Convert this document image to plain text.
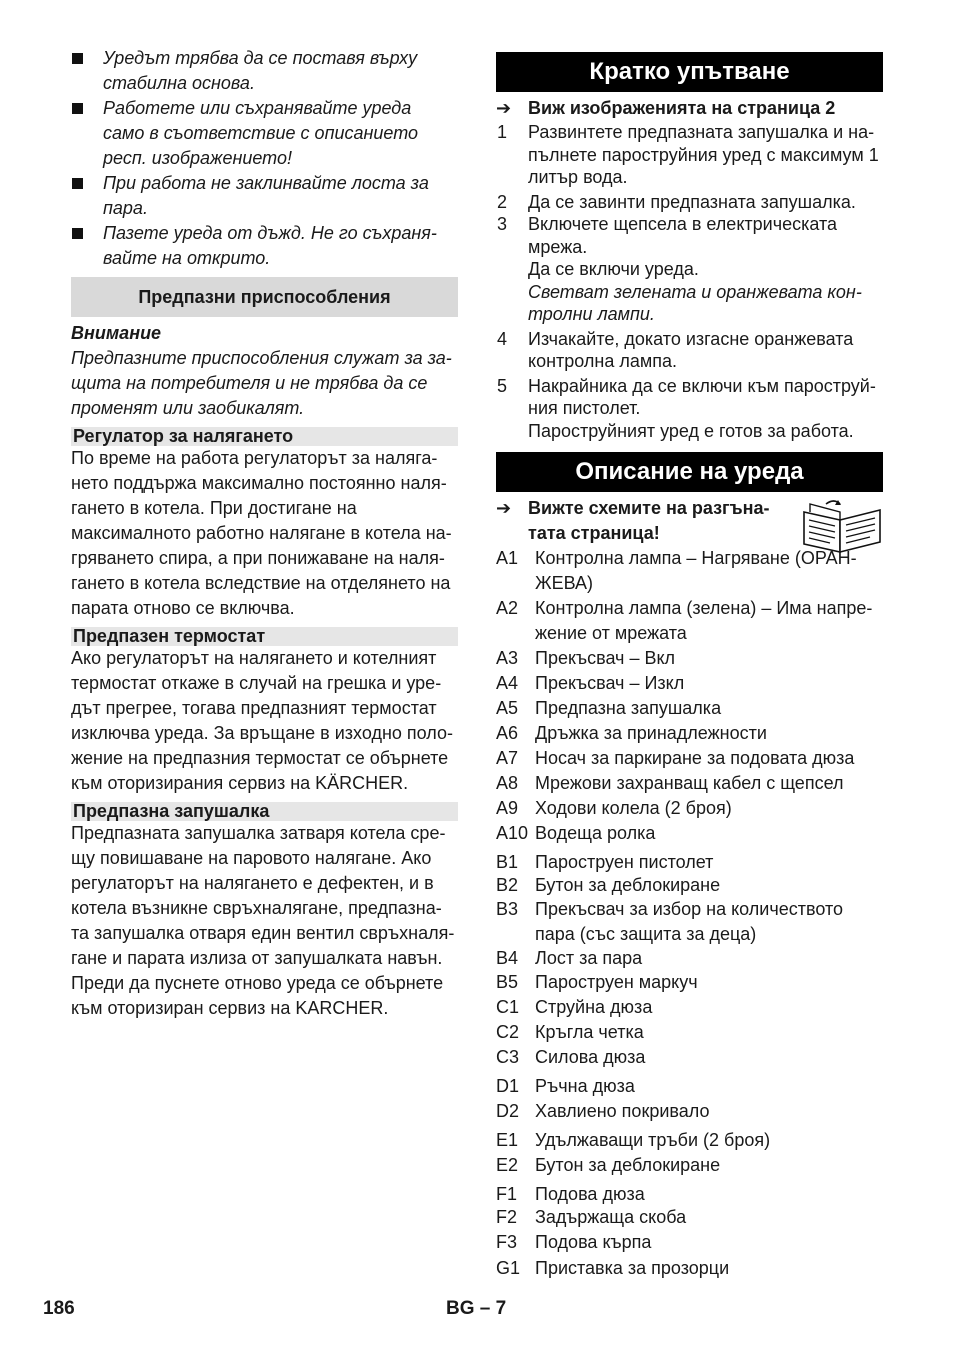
Уредът трябва да се поставя върху
стабилна основа.
Работете или съхранявайте уреда
само в съответствие с описанието
респ. изображението!
При работа не заклинвайте лоста за
пара.
Пазете уреда от дъжд. Не го съхраня-
вайте на открито.
Предпазни приспособления
Внимание

Предпазните приспособления служат за за-
щита на потребителя и не трябва да се
променят или заобикалят.

Регулатор за налягането

По време на работа регулаторът за наляга-
нето поддържа максимално постоянно наля-
гането в котела. При достигане на
максималното работно налягане в котела на-
гряването спира, а при понижаване на наля-
гането в котела вследствие на отделянето на
парата отново се включва.

Предпазен термостат

Ако регулаторът на налягането и котелният
термостат откаже в случай на грешка и уре-
дът прегрее, тогава предпазният термостат
изключва уреда. За връщане в изходно поло-
жение на предпазния термостат се обърнете
към оторизирания сервиз на KÄRCHER.

Предпазна запушалка

Предпазната запушалка затваря котела сре-
щу повишаване на паровото налягане. Ако
регулаторът на налягането е дефектен, и в
котела възникне свръхналягане, предпазна-
та запушалка отваря един вентил свръхналя-
гане и парата излиза от запушалката навън.
Преди да пуснете отново уреда се обърнете
към оторизиран сервиз на KARCHER.

Кратко упътване
➔ Виж изображенията на страница 2
1 Развинтете предпазната запушалка и на-
пълнете пароструйния уред с максимум 1
литър вода.
2 Да се завинти предпазната запушалка.
3 Включете щепсела в електрическата
мрежа.
Да се включи уреда.
Светват зелената и оранжевата кон-
тролни лампи.
4 Изчакайте, докато изгасне оранжевата
контролна лампа.
5 Накрайника да се включи към пароструй-
ния пистолет.
Пароструйният уред е готов за работа.
Описание на уреда
➔ Вижте схемите на разгъна-
тата страница!
A1 Контролна лампа – Нагряване (ОРАН-
ЖЕВА)
A2 Контролна лампа (зелена) – Има напре-
жение от мрежата
A3 Прекъсвач – Вкл
A4 Прекъсвач – Изкл
A5 Предпазна запушалка
A6 Дръжка за принадлежности
A7 Носач за паркиране за подовата дюза
A8 Мрежови захранващ кабел с щепсел
A9 Ходови колела (2 броя)
A10 Водеща ролка
B1 Пароструен пистолет
B2 Бутон за деблокиране
B3 Прекъсвач за избор на количеството
пара (със защита за деца)
B4 Лост за пара
B5 Пароструен маркуч
C1 Струйна дюза
C2 Кръгла четка
C3 Силова дюза
D1 Ръчна дюза
D2 Хавлиено покривало
E1 Удължаващи тръби (2 броя)
E2 Бутон за деблокиране
F1 Подова дюза
F2 Задържаща скоба
F3 Подова кърпа
G1 Приставка за прозорци
186	BG – 7
